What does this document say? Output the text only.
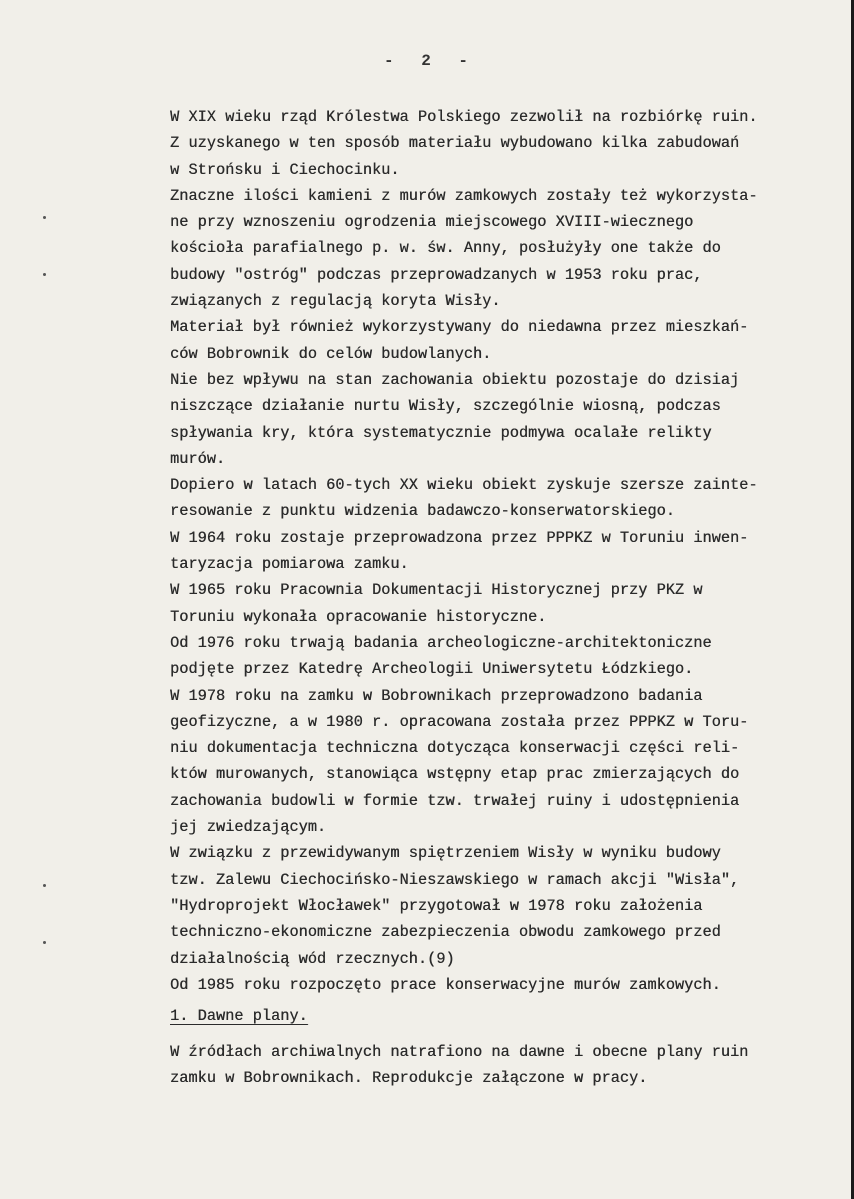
- 2 -
W XIX wieku rząd Królestwa Polskiego zezwolił na rozbiórkę ruin.
Z uzyskanego w ten sposób materiału wybudowano kilka zabudowań
w Strońsku i Ciechocinku.
Znaczne ilości kamieni z murów zamkowych zostały też wykorzysta-
ne przy wznoszeniu ogrodzenia miejscowego XVIII-wiecznego
kościoła parafialnego p. w. św. Anny, posłużyły one także do
budowy "ostróg" podczas przeprowadzanych w 1953 roku prac,
związanych z regulacją koryta Wisły.
Materiał był również wykorzystywany do niedawna przez mieszkań-
ców Bobrownik do celów budowlanych.
Nie bez wpływu na stan zachowania obiektu pozostaje do dzisiaj
niszczące działanie nurtu Wisły, szczególnie wiosną, podczas
spływania kry, która systematycznie podmywa ocalałe relikty
murów.
Dopiero w latach 60-tych XX wieku obiekt zyskuje szersze zainte-
resowanie z punktu widzenia badawczo-konserwatorskiego.
W 1964 roku zostaje przeprowadzona przez PPPKZ w Toruniu inwen-
taryzacja pomiarowa zamku.
W 1965 roku Pracownia Dokumentacji Historycznej przy PKZ w
Toruniu wykonała opracowanie historyczne.
Od 1976 roku trwają badania archeologiczne-architektoniczne
podjęte przez Katedrę Archeologii Uniwersytetu Łódzkiego.
W 1978 roku na zamku w Bobrownikach przeprowadzono badania
geofizyczne, a w 1980 r. opracowana została przez PPPKZ w Toru-
niu dokumentacja techniczna dotycząca konserwacji części reli-
któw murowanych, stanowiąca wstępny etap prac zmierzających do
zachowania budowli w formie tzw. trwałej ruiny i udostępnienia
jej zwiedzającym.
W związku z przewidywanym spiętrzeniem Wisły w wyniku budowy
tzw. Zalewu Ciechocińsko-Nieszawskiego w ramach akcji "Wisła",
"Hydroprojekt Włocławek" przygotował w 1978 roku założenia
techniczno-ekonomiczne zabezpieczenia obwodu zamkowego przed
działalnością wód rzecznych.(9)
Od 1985 roku rozpoczęto prace konserwacyjne murów zamkowych.
1. Dawne plany.
W źródłach archiwalnych natrafiono na dawne i obecne plany ruin
zamku w Bobrownikach. Reprodukcje załączone w pracy.
